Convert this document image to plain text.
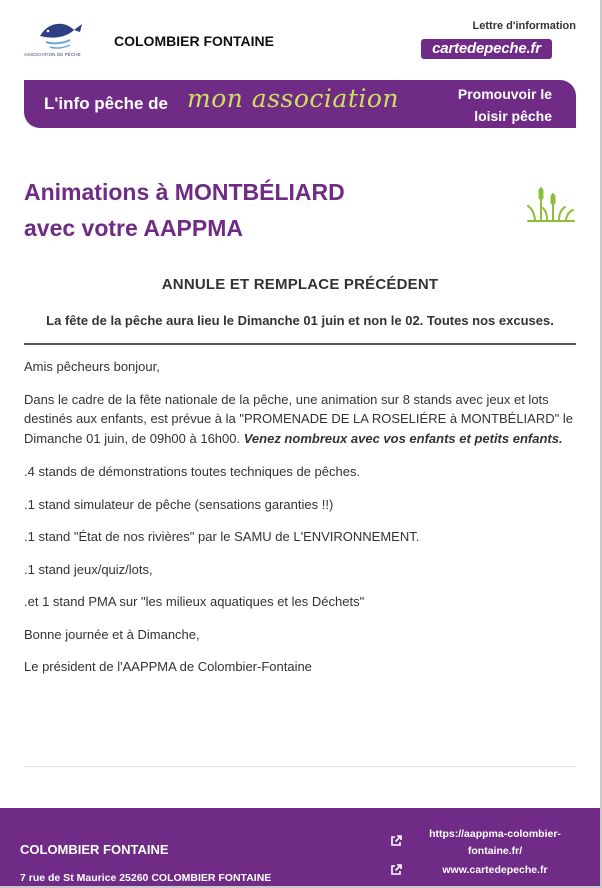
ASSOCIATION DE PÊCHE
COLOMBIER FONTAINE
Lettre d'information
cartedepeche.fr
L'info pêche de mon association	Promouvoir le
loisir pêche
Animations à MONTBÉLIARD
avec votre AAPPMA
ANNULE ET REMPLACE PRÉCÉDENT
La fête de la pêche aura lieu le Dimanche 01 juin et non le 02. Toutes nos excuses.

Amis pêcheurs bonjour,

Dans le cadre de la fête nationale de la pêche, une animation sur 8 stands avec jeux et lots destinés aux enfants, est prévue à la "PROMENADE DE LA ROSELIÉRE à MONTBÉLIARD" le Dimanche 01 juin, de 09h00 à 16h00. Venez nombreux avec vos enfants et petits enfants.

.4 stands de démonstrations toutes techniques de pêches.

.1 stand simulateur de pêche (sensations garanties !!)

.1 stand "État de nos rivières" par le SAMU de L'ENVIRONNEMENT.

.1 stand jeux/quiz/lots,

.et 1 stand PMA sur "les milieux aquatiques et les Déchets"

Bonne journée et à Dimanche,

Le président de l'AAPPMA de Colombier-Fontaine

COLOMBIER FONTAINE
7 rue de St Maurice 25260 COLOMBIER FONTAINE
https://aappma-colombier-
fontaine.fr/
www.cartedepeche.fr
